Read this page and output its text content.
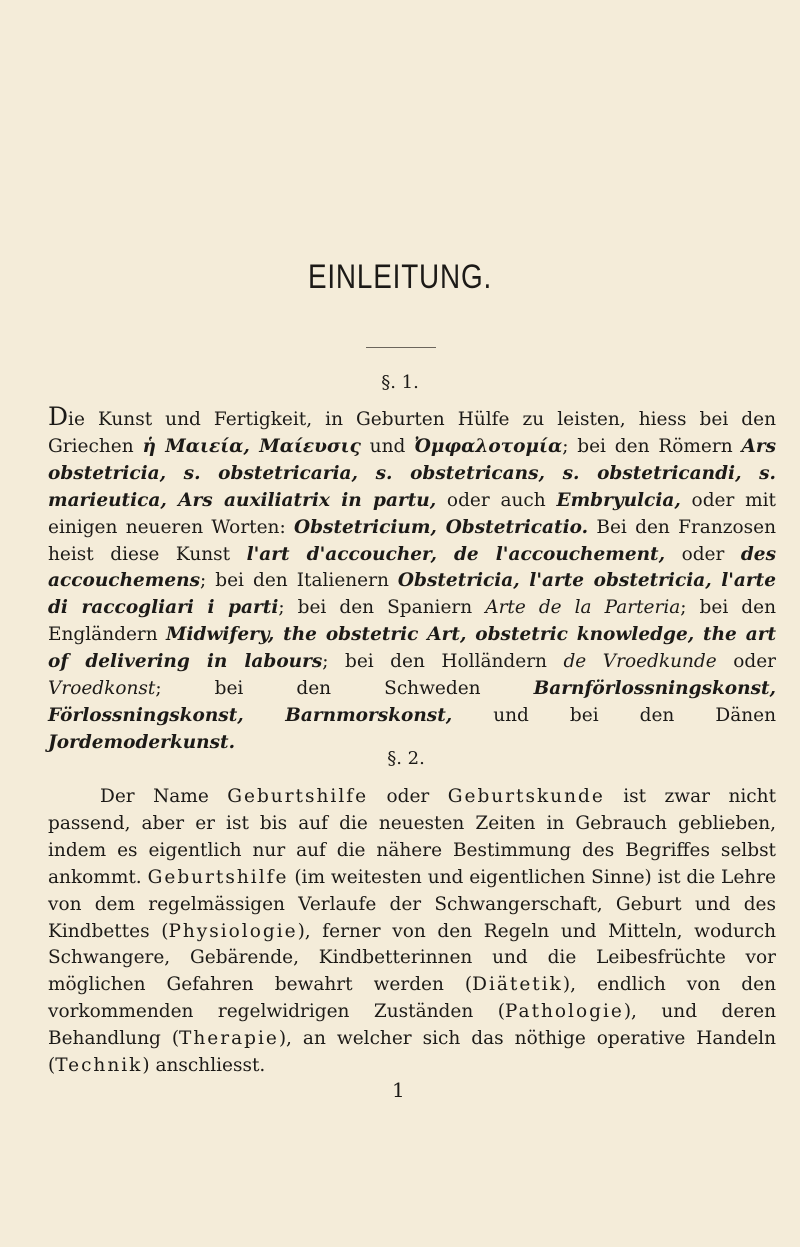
EINLEITUNG.
§. 1.
Die Kunst und Fertigkeit, in Geburten Hülfe zu leisten, hiess bei den Griechen ἡ Μαιεία, Μαίευσις und Ὀμφαλοτομία; bei den Römern Ars obstetricia, s. obstetricaria, s. obstetricans, s. obstetricandi, s. marieutica, Ars auxiliatrix in partu, oder auch Embryulcia, oder mit einigen neueren Worten: Obstetricium, Obstetricatio. Bei den Franzosen heist diese Kunst l'art d'accoucher, de l'accouchement, oder des accouchemens; bei den Italienern Obstetricia, l'arte obstetricia, l'arte di raccogliari i parti; bei den Spaniern Arte de la Parteria; bei den Engländern Midwifery, the obstetric Art, obstetric knowledge, the art of delivering in labours; bei den Holländern de Vroedkunde oder Vroedkonst; bei den Schweden Barnförlossningskonst, Förlossningskonst, Barnmorskonst, und bei den Dänen Jordemoderkunst.
§. 2.
Der Name Geburtshilfe oder Geburtskunde ist zwar nicht passend, aber er ist bis auf die neuesten Zeiten in Gebrauch geblieben, indem es eigentlich nur auf die nähere Bestimmung des Begriffes selbst ankommt. Geburtshilfe (im weitesten und eigentlichen Sinne) ist die Lehre von dem regelmässigen Verlaufe der Schwangerschaft, Geburt und des Kindbettes (Physiologie), ferner von den Regeln und Mitteln, wodurch Schwangere, Gebärende, Kindbetterinnen und die Leibesfrüchte vor möglichen Gefahren bewahrt werden (Diätetik), endlich von den vorkommenden regelwidrigen Zuständen (Pathologie), und deren Behandlung (Therapie), an welcher sich das nöthige operative Handeln (Technik) anschliesst.
1
